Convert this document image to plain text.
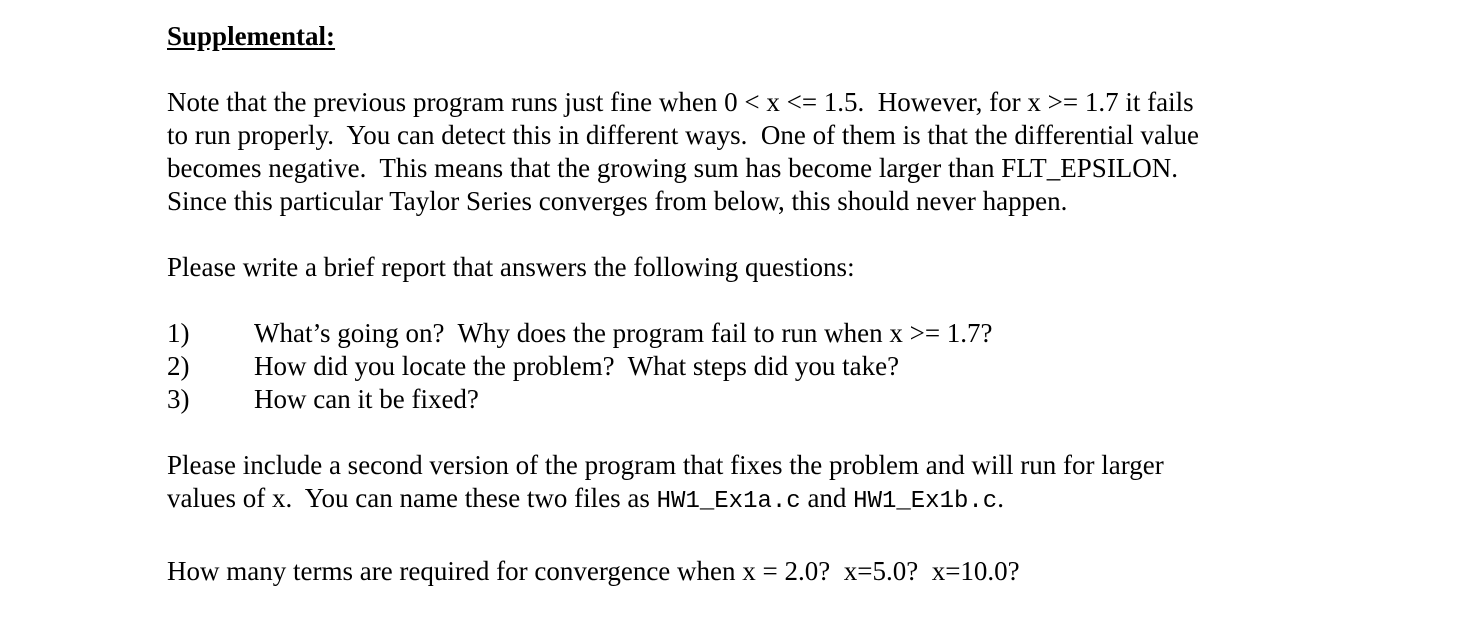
Supplemental:

Note that the previous program runs just fine when 0 < x <= 1.5.  However, for x >= 1.7 it fails
to run properly.  You can detect this in different ways.  One of them is that the differential value
becomes negative.  This means that the growing sum has become larger than FLT_EPSILON.
Since this particular Taylor Series converges from below, this should never happen.
Please write a brief report that answers the following questions:
1)	What’s going on?  Why does the program fail to run when x >= 1.7?
2)	How did you locate the problem?  What steps did you take?
3)	How can it be fixed?
Please include a second version of the program that fixes the problem and will run for larger
values of x.  You can name these two files as HW1_Ex1a.c and HW1_Ex1b.c.
How many terms are required for convergence when x = 2.0?  x=5.0?  x=10.0?
